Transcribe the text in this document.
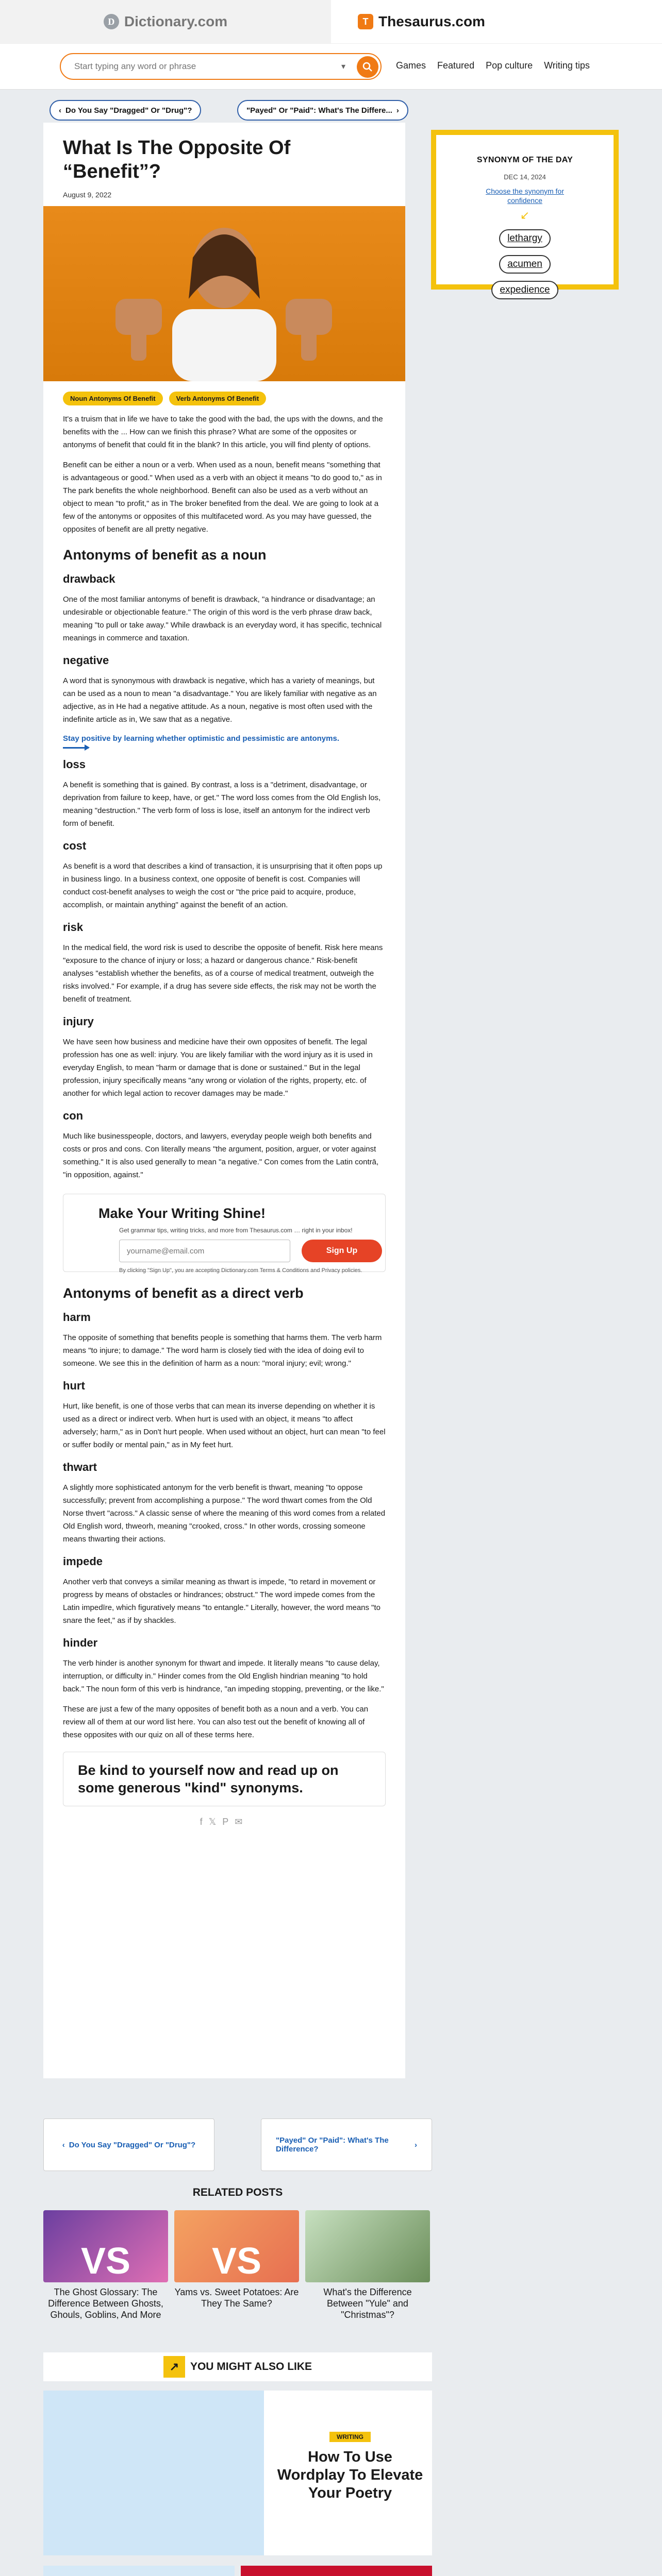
D Dictionary.com	T Thesaurus.com
Start typing any word or phrase
▾	Games Featured Pop culture Writing tips
‹ Do You Say "Dragged" Or "Drug"?	"Payed" Or "Paid": What's The Differe... ›
SYNONYM OF THE DAY
DEC 14, 2024
Choose the synonym for
confidence
↙
lethargy
acumen
expedience
What Is The Opposite Of “Benefit”?
August 9, 2022
Noun Antonyms Of Benefit	Verb Antonyms Of Benefit

It's a truism that in life we have to take the good with the bad, the ups with the downs, and the benefits with the ... How can we finish this phrase? What are some of the opposites or antonyms of benefit that could fit in the blank? In this article, you will find plenty of options.

Benefit can be either a noun or a verb. When used as a noun, benefit means "something that is advantageous or good." When used as a verb with an object it means "to do good to," as in The park benefits the whole neighborhood. Benefit can also be used as a verb without an object to mean "to profit," as in The broker benefited from the deal. We are going to look at a few of the antonyms or opposites of this multifaceted word. As you may have guessed, the opposites of benefit are all pretty negative.

Antonyms of benefit as a noun
drawback

One of the most familiar antonyms of benefit is drawback, "a hindrance or disadvantage; an undesirable or objectionable feature." The origin of this word is the verb phrase draw back, meaning "to pull or take away." While drawback is an everyday word, it has specific, technical meanings in commerce and taxation.

negative

A word that is synonymous with drawback is negative, which has a variety of meanings, but can be used as a noun to mean "a disadvantage." You are likely familiar with negative as an adjective, as in He had a negative attitude. As a noun, negative is most often used with the indefinite article as in, We saw that as a negative.

Stay positive by learning whether optimistic and pessimistic are antonyms.
loss

A benefit is something that is gained. By contrast, a loss is a "detriment, disadvantage, or deprivation from failure to keep, have, or get." The word loss comes from the Old English los, meaning "destruction." The verb form of loss is lose, itself an antonym for the indirect verb form of benefit.

cost

As benefit is a word that describes a kind of transaction, it is unsurprising that it often pops up in business lingo. In a business context, one opposite of benefit is cost. Companies will conduct cost-benefit analyses to weigh the cost or "the price paid to acquire, produce, accomplish, or maintain anything" against the benefit of an action.

risk

In the medical field, the word risk is used to describe the opposite of benefit. Risk here means "exposure to the chance of injury or loss; a hazard or dangerous chance." Risk-benefit analyses "establish whether the benefits, as of a course of medical treatment, outweigh the risks involved." For example, if a drug has severe side effects, the risk may not be worth the benefit of treatment.

injury

We have seen how business and medicine have their own opposites of benefit. The legal profession has one as well: injury. You are likely familiar with the word injury as it is used in everyday English, to mean "harm or damage that is done or sustained." But in the legal profession, injury specifically means "any wrong or violation of the rights, property, etc. of another for which legal action to recover damages may be made."

con

Much like businesspeople, doctors, and lawyers, everyday people weigh both benefits and costs or pros and cons. Con literally means "the argument, position, arguer, or voter against something." It is also used generally to mean "a negative." Con comes from the Latin contrā, "in opposition, against."

Make Your Writing Shine!
Get grammar tips, writing tricks, and more from Thesaurus.com … right in your inbox!
yourname@email.com
Sign Up
By clicking "Sign Up", you are accepting Dictionary.com Terms & Conditions and Privacy policies.
Antonyms of benefit as a direct verb
harm

The opposite of something that benefits people is something that harms them. The verb harm means "to injure; to damage." The word harm is closely tied with the idea of doing evil to someone. We see this in the definition of harm as a noun: "moral injury; evil; wrong."

hurt

Hurt, like benefit, is one of those verbs that can mean its inverse depending on whether it is used as a direct or indirect verb. When hurt is used with an object, it means "to affect adversely; harm," as in Don't hurt people. When used without an object, hurt can mean "to feel or suffer bodily or mental pain," as in My feet hurt.

thwart

A slightly more sophisticated antonym for the verb benefit is thwart, meaning "to oppose successfully; prevent from accomplishing a purpose." The word thwart comes from the Old Norse thvert "across." A classic sense of where the meaning of this word comes from a related Old English word, thweorh, meaning "crooked, cross." In other words, crossing someone means thwarting their actions.

impede

Another verb that conveys a similar meaning as thwart is impede, "to retard in movement or progress by means of obstacles or hindrances; obstruct." The word impede comes from the Latin impedīre, which figuratively means "to entangle." Literally, however, the word means "to snare the feet," as if by shackles.

hinder

The verb hinder is another synonym for thwart and impede. It literally means "to cause delay, interruption, or difficulty in." Hinder comes from the Old English hindrian meaning "to hold back." The noun form of this verb is hindrance, "an impeding stopping, preventing, or the like."

These are just a few of the many opposites of benefit both as a noun and a verb. You can review all of them at our word list here. You can also test out the benefit of knowing all of these opposites with our quiz on all of these terms here.

Be kind to yourself now and read up on some generous "kind" synonyms.
f𝕏P✉
‹ Do You Say "Dragged" Or "Drug"?	"Payed" Or "Paid": What's The Difference?	›
RELATED POSTS
VS
The Ghost Glossary: The Difference Between Ghosts, Ghouls, Goblins, And More
VS
Yams vs. Sweet Potatoes: Are They The Same?
What's the Difference Between "Yule" and "Christmas"?
↗	YOU MIGHT ALSO LIKE
WRITING
How To Use Wordplay To Elevate Your Poetry
